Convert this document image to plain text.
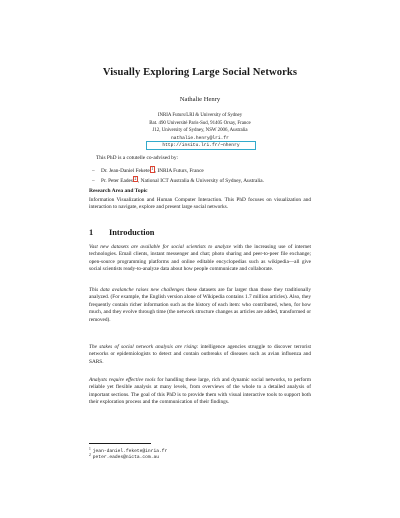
Visually Exploring Large Social Networks
Nathalie Henry
INRIA Futurs/LRI & University of Sydney
Bat. 490 Université Paris-Sud, 91405 Orsay, France
J12, University of Sydney, NSW 2006, Australia
nathalie.henry@lri.fr
http://insitu.lri.fr/~nhenry
This PhD is a cotutelle co-advised by:
– Dr. Jean-Daniel Fekete 1 , INRIA Futurs, France
– Pr. Peter Eades 2 , National ICT Australia & University of Sydney, Australia.
Research Area and Topic
Information Visualization and Human Computer Interaction. This PhD focuses on visualization and interaction to navigate, explore and present large social networks.
1 Introduction

Vast new datasets are available for social scientists to analyze with the increasing use of internet technologies. Email clients, instant messenger and chat; photo sharing and peer-to-peer file exchange; open-source programming platforms and online editable encyclopedias such as wikipedia—all give social scientists ready-to-analyze data about how people communicate and collaborate.

This data avalanche raises new challenges these datasets are far larger than those they traditionally analyzed. (For example, the English version alone of Wikipedia contains 1.7 million articles). Also, they frequently contain richer information such as the history of each item: who contributed, when, for how much, and they evolve through time (the network structure changes as articles are added, transformed or removed).

The stakes of social network analysis are rising: intelligence agencies struggle to discover terrorist networks or epidemiologists to detect and contain outbreaks of diseases such as avian influenza and SARS.

Analysts require effective tools for handling these large, rich and dynamic social networks, to perform reliable yet flexible analysis at many levels, from overviews of the whole to a detailed analysis of important sections. The goal of this PhD is to provide them with visual interactive tools to support both their exploration process and the communication of their findings.

$^1$ jean-daniel.fekete@inria.fr
$^2$ peter.eades@nicta.com.au
